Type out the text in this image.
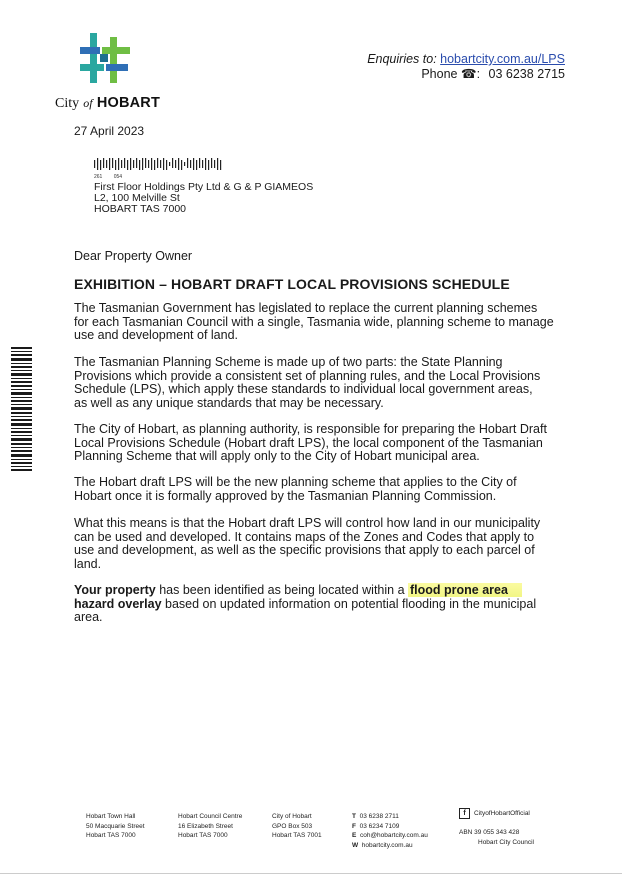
City of HOBART
Enquiries to: hobartcity.com.au/LPS
Phone ☎: 03 6238 2715
27 April 2023
261 054
First Floor Holdings Pty Ltd & G & P GIAMEOS
L2, 100 Melville St
HOBART TAS 7000
Dear Property Owner
EXHIBITION – HOBART DRAFT LOCAL PROVISIONS SCHEDULE
The Tasmanian Government has legislated to replace the current planning schemes for each Tasmanian Council with a single, Tasmania wide, planning scheme to manage use and development of land.
The Tasmanian Planning Scheme is made up of two parts: the State Planning Provisions which provide a consistent set of planning rules, and the Local Provisions Schedule (LPS), which apply these standards to individual local government areas, as well as any unique standards that may be necessary.
The City of Hobart, as planning authority, is responsible for preparing the Hobart Draft Local Provisions Schedule (Hobart draft LPS), the local component of the Tasmanian Planning Scheme that will apply only to the City of Hobart municipal area.
The Hobart draft LPS will be the new planning scheme that applies to the City of Hobart once it is formally approved by the Tasmanian Planning Commission.
What this means is that the Hobart draft LPS will control how land in our municipality can be used and developed. It contains maps of the Zones and Codes that apply to use and development, as well as the specific provisions that apply to each parcel of land.
Your property has been identified as being located within a flood prone area hazard overlay based on updated information on potential flooding in the municipal area.
Hobart Town Hall
50 Macquarie Street
Hobart TAS 7000
Hobart Council Centre
16 Elizabeth Street
Hobart TAS 7000
City of Hobart
GPO Box 503
Hobart TAS 7001
T 03 6238 2711
F 03 6234 7109
E coh@hobartcity.com.au
W hobartcity.com.au
f CityofHobartOfficial
ABN 39 055 343 428
Hobart City Council
